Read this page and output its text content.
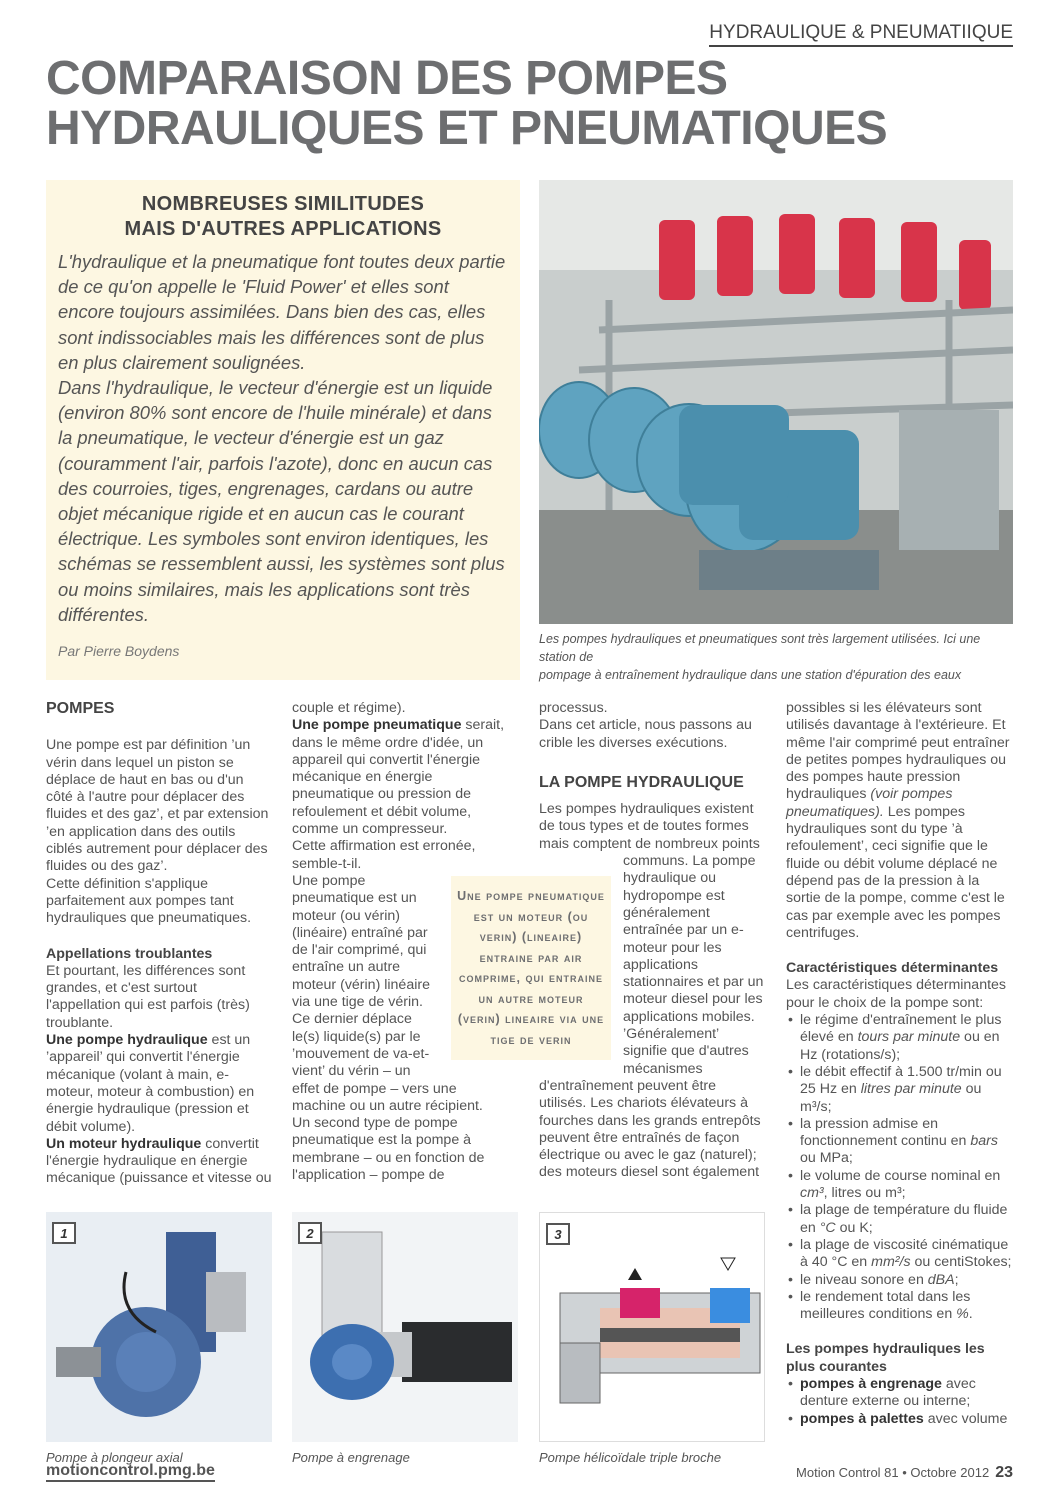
HYDRAULIQUE & PNEUMATIIQUE
COMPARAISON DES POMPES
HYDRAULIQUES ET PNEUMATIQUES
NOMBREUSES SIMILITUDES
MAIS D'AUTRES APPLICATIONS

L'hydraulique et la pneumatique font toutes deux partie de ce qu'on appelle le 'Fluid Power' et elles sont encore toujours assimilées. Dans bien des cas, elles sont indissociables mais les différences sont de plus en plus clairement soulignées.
Dans l'hydraulique, le vecteur d'énergie est un liquide (environ 80% sont encore de l'huile minérale) et dans la pneumatique, le vecteur d'énergie est un gaz (couramment l'air, parfois l'azote), donc en aucun cas des courroies, tiges, engrenages, cardans ou autre objet mécanique rigide et en aucun cas le courant électrique. Les symboles sont environ identiques, les schémas se ressemblent aussi, les systèmes sont plus ou moins similaires, mais les applications sont très différentes.

Par Pierre Boydens

Les pompes hydrauliques et pneumatiques sont très largement utilisées. Ici une station de
pompage à entraînement hydraulique dans une station d'épuration des eaux

POMPES

Une pompe est par définition ’un vérin dans lequel un piston se déplace de haut en bas ou d'un côté à l'autre pour déplacer des fluides et des gaz’, et par extension ’en application dans des outils ciblés autrement pour déplacer des fluides ou des gaz’.

Cette définition s'applique parfaitement aux pompes tant hydrauliques que pneumatiques.

Appellations troublantes

Et pourtant, les différences sont grandes, et c'est surtout l'appellation qui est parfois (très) troublante.

Une pompe hydraulique est un ’appareil’ qui convertit l'énergie mécanique (volant à main, e-moteur, moteur à combustion) en énergie hydraulique (pression et débit volume).

Un moteur hydraulique convertit l'énergie hydraulique en énergie mécanique (puissance et vitesse ou

couple et régime).

Une pompe pneumatique serait, dans le même ordre d'idée, un appareil qui convertit l'énergie mécanique en énergie pneumatique ou pression de refoulement et débit volume, comme un compresseur.

Cette affirmation est erronée, semble-t-il.

Une pompe pneumatique est un moteur (ou vérin) (linéaire) entraîné par de l'air comprimé, qui entraîne un autre moteur (vérin) linéaire via une tige de vérin. Ce dernier déplace le(s) liquide(s) par le ’mouvement de va-et-vient’ du vérin – un

effet de pompe – vers une machine ou un autre récipient.

Un second type de pompe pneumatique est la pompe à membrane – ou en fonction de l'application – pompe de

Une pompe pneumatique est un moteur (ou verin) (lineaire) entraine par air comprime, qui entraine un autre moteur (verin) lineaire via une tige de verin

processus.

Dans cet article, nous passons au crible les diverses exécutions.

LA POMPE HYDRAULIQUE

Les pompes hydrauliques existent de tous types et de toutes formes mais comptent de nombreux points

communs. La pompe hydraulique ou hydropompe est généralement entraînée par un e-moteur pour les applications stationnaires et par un moteur diesel pour les applications mobiles. ’Généralement’ signifie que d'autres mécanismes

d'entraînement peuvent être utilisés. Les chariots élévateurs à fourches dans les grands entrepôts peuvent être entraînés de façon électrique ou avec le gaz (naturel); des moteurs diesel sont également

possibles si les élévateurs sont utilisés davantage à l'extérieure. Et même l'air comprimé peut entraîner de petites pompes hydrauliques ou des pompes haute pression hydrauliques (voir pompes pneumatiques). Les pompes hydrauliques sont du type ’à refoulement’, ceci signifie que le fluide ou débit volume déplacé ne dépend pas de la pression à la sortie de la pompe, comme c'est le cas par exemple avec les pompes centrifuges.

Caractéristiques déterminantes

Les caractéristiques déterminantes pour le choix de la pompe sont:

• le régime d'entraînement le plus élevé en tours par minute ou en Hz (rotations/s);
• le débit effectif à 1.500 tr/min ou 25 Hz en litres par minute ou m³/s;
• la pression admise en fonctionnement continu en bars ou MPa;
• le volume de course nominal en cm³, litres ou m³;
• la plage de température du fluide en °C ou K;
• la plage de viscosité cinématique à 40 °C en mm²/s ou centiStokes;
• le niveau sonore en dBA;
• le rendement total dans les meilleures conditions en %.

Les pompes hydrauliques les plus courantes

• pompes à engrenage avec denture externe ou interne;
• pompes à palettes avec volume
1
Pompe à plongeur axial
2
Pompe à engrenage
3
Pompe hélicoïdale triple broche
motioncontrol.pmg.be	Motion Control 81 • Octobre 2012 23
